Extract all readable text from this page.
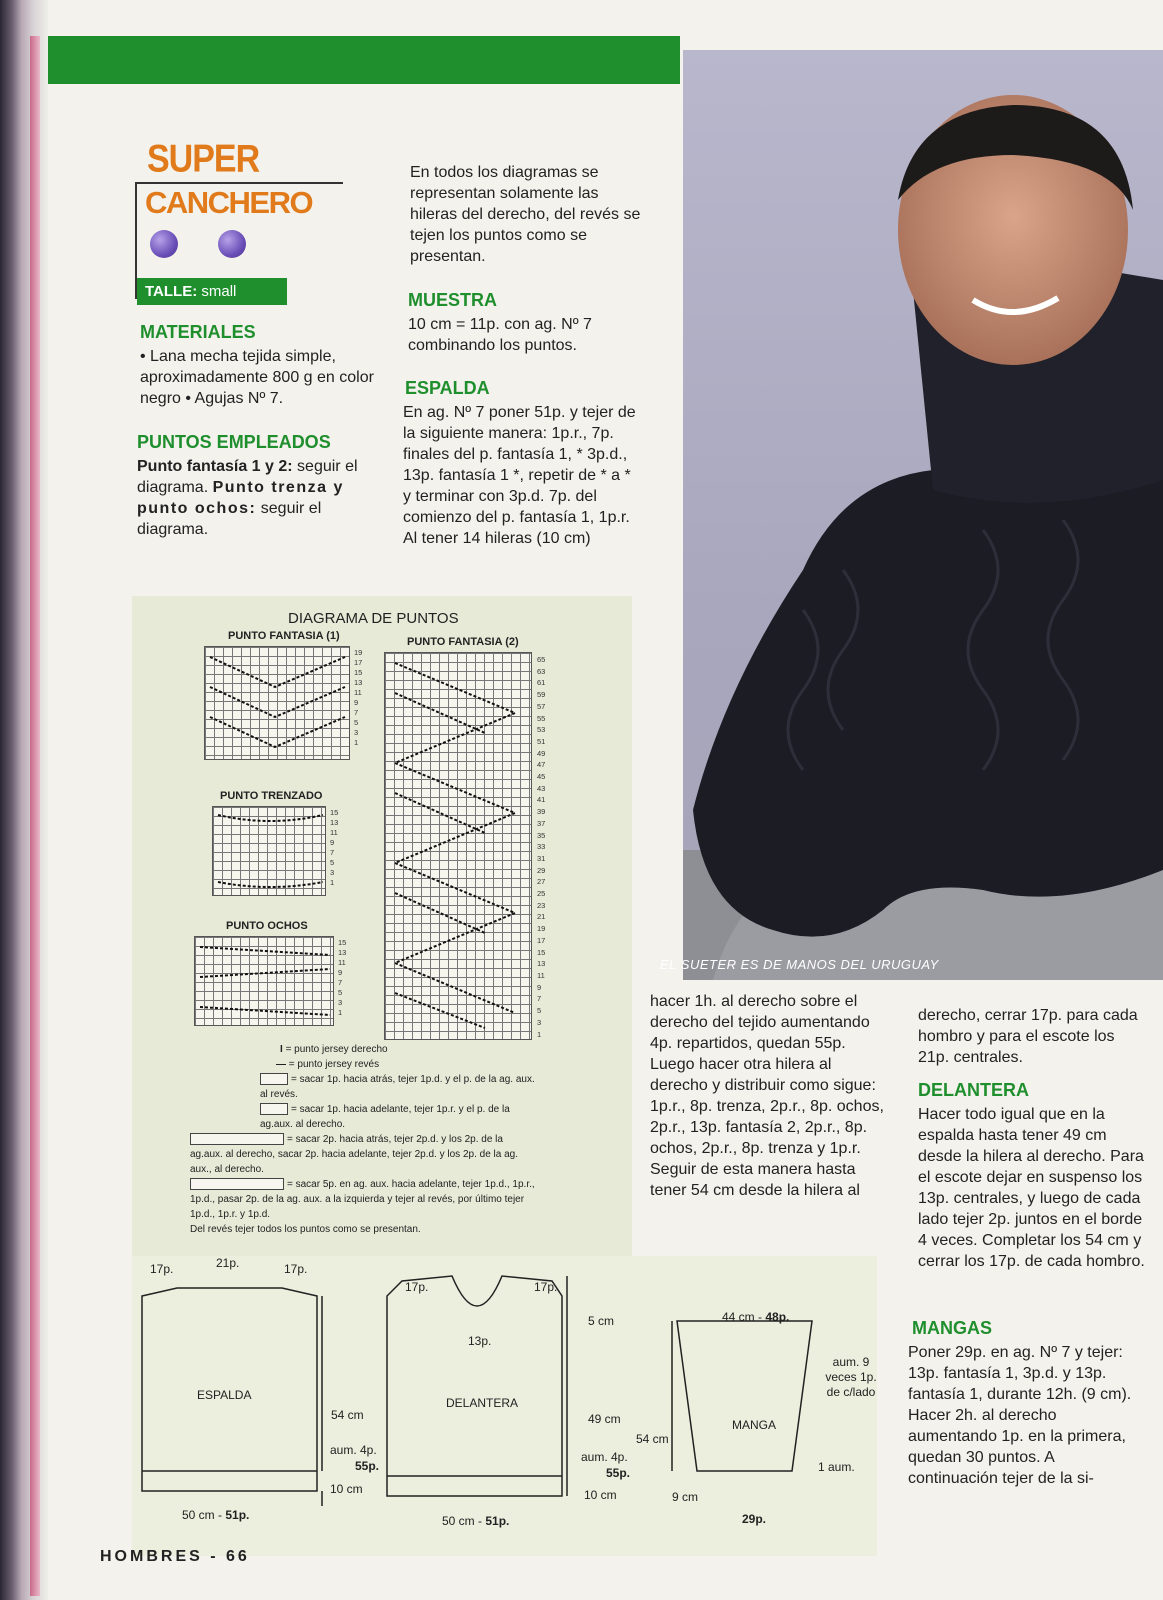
SUPER
CANCHERO
TALLE: small
MATERIALES
• Lana mecha tejida simple, aproximadamente 800 g en color negro • Agujas Nº 7.
PUNTOS EMPLEADOS
Punto fantasía 1 y 2: seguir el diagrama. Punto trenza y punto ochos: seguir el diagrama.
En todos los diagramas se representan solamente las hileras del derecho, del revés se tejen los puntos como se presentan.
MUESTRA
10 cm = 11p. con ag. Nº 7 combinando los puntos.
ESPALDA
En ag. Nº 7 poner 51p. y tejer de la siguiente manera: 1p.r., 7p. finales del p. fantasía 1, * 3p.d., 13p. fantasía 1 *, repetir de * a * y terminar con 3p.d. 7p. del comienzo del p. fantasía 1, 1p.r. Al tener 14 hileras (10 cm)
EL SUETER ES DE MANOS DEL URUGUAY
hacer 1h. al derecho sobre el derecho del tejido aumentando 4p. repartidos, quedan 55p. Luego hacer otra hilera al derecho y distribuir como sigue: 1p.r., 8p. trenza, 2p.r., 8p. ochos, 2p.r., 13p. fantasía 2, 2p.r., 8p. ochos, 2p.r., 8p. trenza y 1p.r. Seguir de esta manera hasta tener 54 cm desde la hilera al
derecho, cerrar 17p. para cada hombro y para el escote los 21p. centrales.
DELANTERA
Hacer todo igual que en la espalda hasta tener 49 cm desde la hilera al derecho. Para el escote dejar en suspenso los 13p. centrales, y luego de cada lado tejer 2p. juntos en el borde 4 veces. Completar los 54 cm y cerrar los 17p. de cada hombro.
MANGAS
Poner 29p. en ag. Nº 7 y tejer: 13p. fantasía 1, 3p.d. y 13p. fantasía 1, durante 12h. (9 cm). Hacer 2h. al derecho aumentando 1p. en la primera, quedan 30 puntos. A continuación tejer de la si-
DIAGRAMA DE PUNTOS
PUNTO FANTASIA (1)
19
17
15
13
11
9
7
5
3
1
PUNTO TRENZADO
15
13
11
9
7
5
3
1
PUNTO OCHOS
15
13
11
9
7
5
3
1
PUNTO FANTASIA (2)
65
63
61
59
57
55
53
51
49
47
45
43
41
39
37
35
33
31
29
27
25
23
21
19
17
15
13
11
9
7
5
3
1
I = punto jersey derecho
— = punto jersey revés
= sacar 1p. hacia atrás, tejer 1p.d. y el p. de la ag. aux. al revés.
= sacar 1p. hacia adelante, tejer 1p.r. y el p. de la ag.aux. al derecho.
= sacar 2p. hacia atrás, tejer 2p.d. y los 2p. de la ag.aux. al derecho, sacar 2p. hacia adelante, tejer 2p.d. y los 2p. de la ag. aux., al derecho.
= sacar 5p. en ag. aux. hacia adelante, tejer 1p.d., 1p.r., 1p.d., pasar 2p. de la ag. aux. a la izquierda y tejer al revés, por último tejer 1p.d., 1p.r. y 1p.d.
Del revés tejer todos los puntos como se presentan.
17p.	21p.	17p.
ESPALDA
54 cm
aum. 4p.
55p.
10 cm
50 cm - 51p.
17p.	17p.
13p.
5 cm
DELANTERA
49 cm
aum. 4p.
55p.
10 cm
50 cm - 51p.
44 cm - 48p.
aum. 9 veces 1p. de c/lado
MANGA
54 cm
1 aum.
9 cm
29p.
HOMBRES - 66
